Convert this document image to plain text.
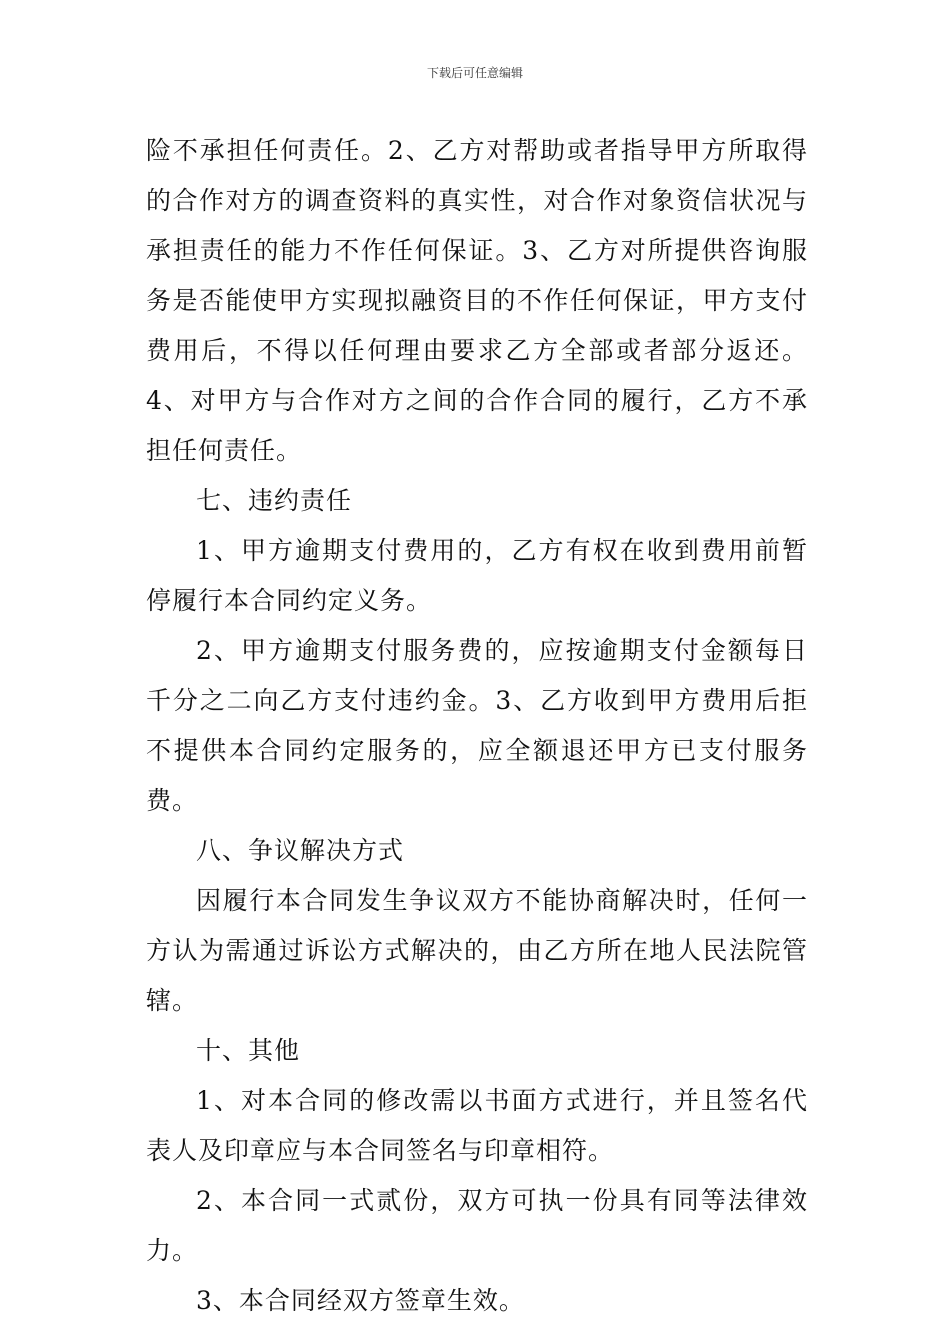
下载后可任意编辑

险不承担任何责任。2、乙方对帮助或者指导甲方所取得的合作对方的调查资料的真实性，对合作对象资信状况与承担责任的能力不作任何保证。3、乙方对所提供咨询服务是否能使甲方实现拟融资目的不作任何保证，甲方支付费用后，不得以任何理由要求乙方全部或者部分返还。4、对甲方与合作对方之间的合作合同的履行，乙方不承担任何责任。

七、违约责任

1、甲方逾期支付费用的，乙方有权在收到费用前暂停履行本合同约定义务。

2、甲方逾期支付服务费的，应按逾期支付金额每日千分之二向乙方支付违约金。3、乙方收到甲方费用后拒不提供本合同约定服务的，应全额退还甲方已支付服务费。

八、争议解决方式

因履行本合同发生争议双方不能协商解决时，任何一方认为需通过诉讼方式解决的，由乙方所在地人民法院管辖。

十、其他

1、对本合同的修改需以书面方式进行，并且签名代表人及印章应与本合同签名与印章相符。

2、本合同一式贰份，双方可执一份具有同等法律效力。

3、本合同经双方签章生效。
